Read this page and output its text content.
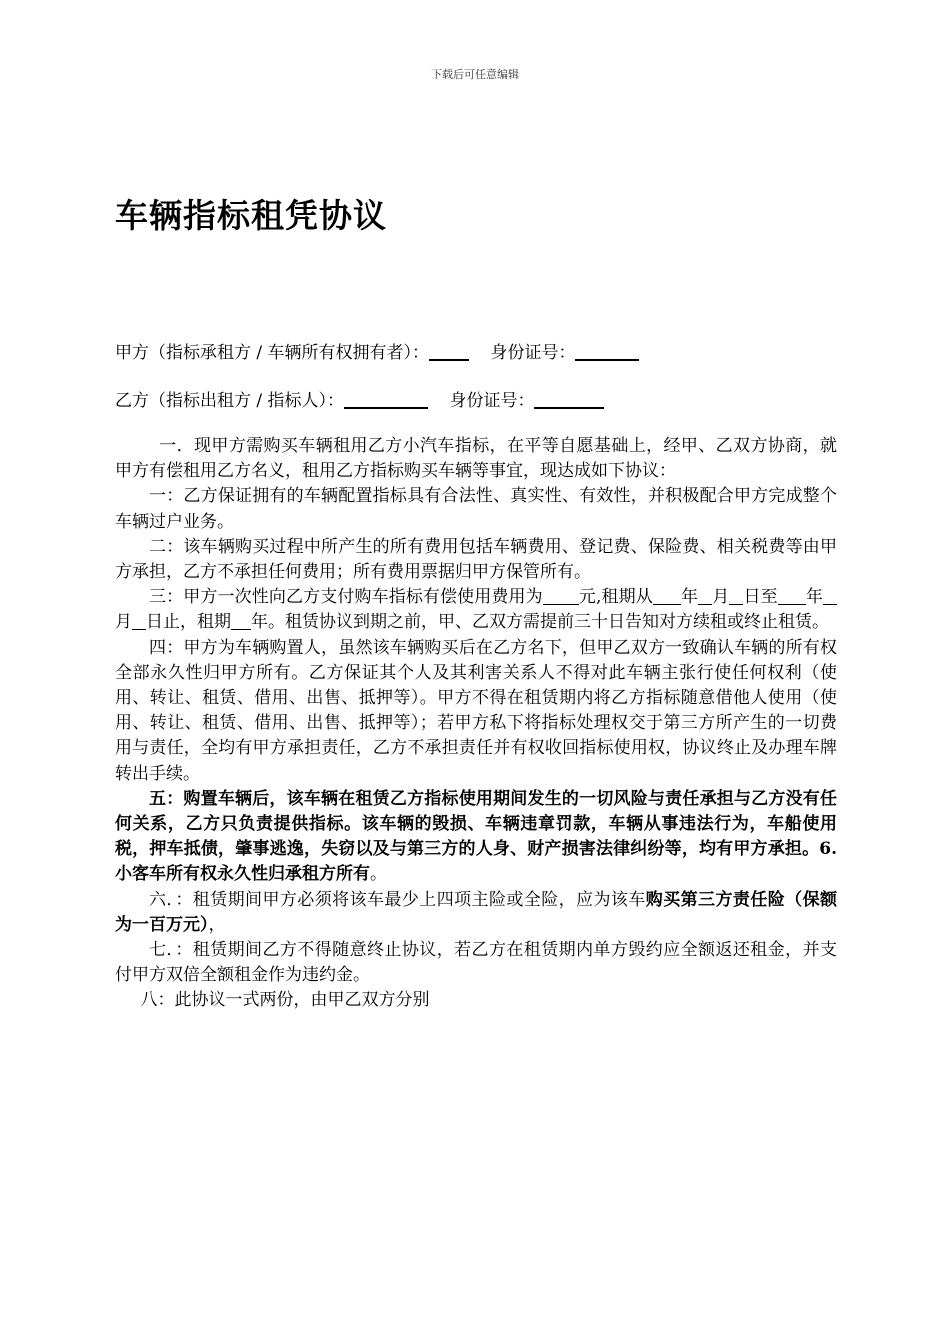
下载后可任意编辑
车辆指标租凭协议
甲方（指标承租方 / 车辆所有权拥有者）：	身份证号：
乙方（指标出租方 / 指标人）：	身份证号：

一．现甲方需购买车辆租用乙方小汽车指标，在平等自愿基础上，经甲、乙双方协商，就甲方有偿租用乙方名义，租用乙方指标购买车辆等事宜，现达成如下协议：

一：乙方保证拥有的车辆配置指标具有合法性、真实性、有效性，并积极配合甲方完成整个车辆过户业务。

二：该车辆购买过程中所产生的所有费用包括车辆费用、登记费、保险费、相关税费等由甲方承担，乙方不承担任何费用；所有费用票据归甲方保管所有。

三：甲方一次性向乙方支付购车指标有偿使用费用为 元,租期从 年 月 日至 年月 日止，租期 年。租赁协议到期之前，甲、乙双方需提前三十日告知对方续租或终止租赁。

四：甲方为车辆购置人，虽然该车辆购买后在乙方名下，但甲乙双方一致确认车辆的所有权全部永久性归甲方所有。乙方保证其个人及其利害关系人不得对此车辆主张行使任何权利（使用、转让、租赁、借用、出售、抵押等）。甲方不得在租赁期内将乙方指标随意借他人使用（使用、转让、租赁、借用、出售、抵押等）；若甲方私下将指标处理权交于第三方所产生的一切费用与责任，全均有甲方承担责任，乙方不承担责任并有权收回指标使用权，协议终止及办理车牌转出手续。

五：购置车辆后，该车辆在租赁乙方指标使用期间发生的一切风险与责任承担与乙方没有任何关系，乙方只负责提供指标。该车辆的毁损、车辆违章罚款，车辆从事违法行为，车船使用税，押车抵债，肇事逃逸，失窃以及与第三方的人身、财产损害法律纠纷等，均有甲方承担。6.小客车所有权永久性归承租方所有。

六．：租赁期间甲方必须将该车最少上四项主险或全险，应为该车购买第三方责任险（保额为一百万元），

七．：租赁期间乙方不得随意终止协议，若乙方在租赁期内单方毁约应全额返还租金，并支付甲方双倍全额租金作为违约金。

八：此协议一式两份，由甲乙双方分别
